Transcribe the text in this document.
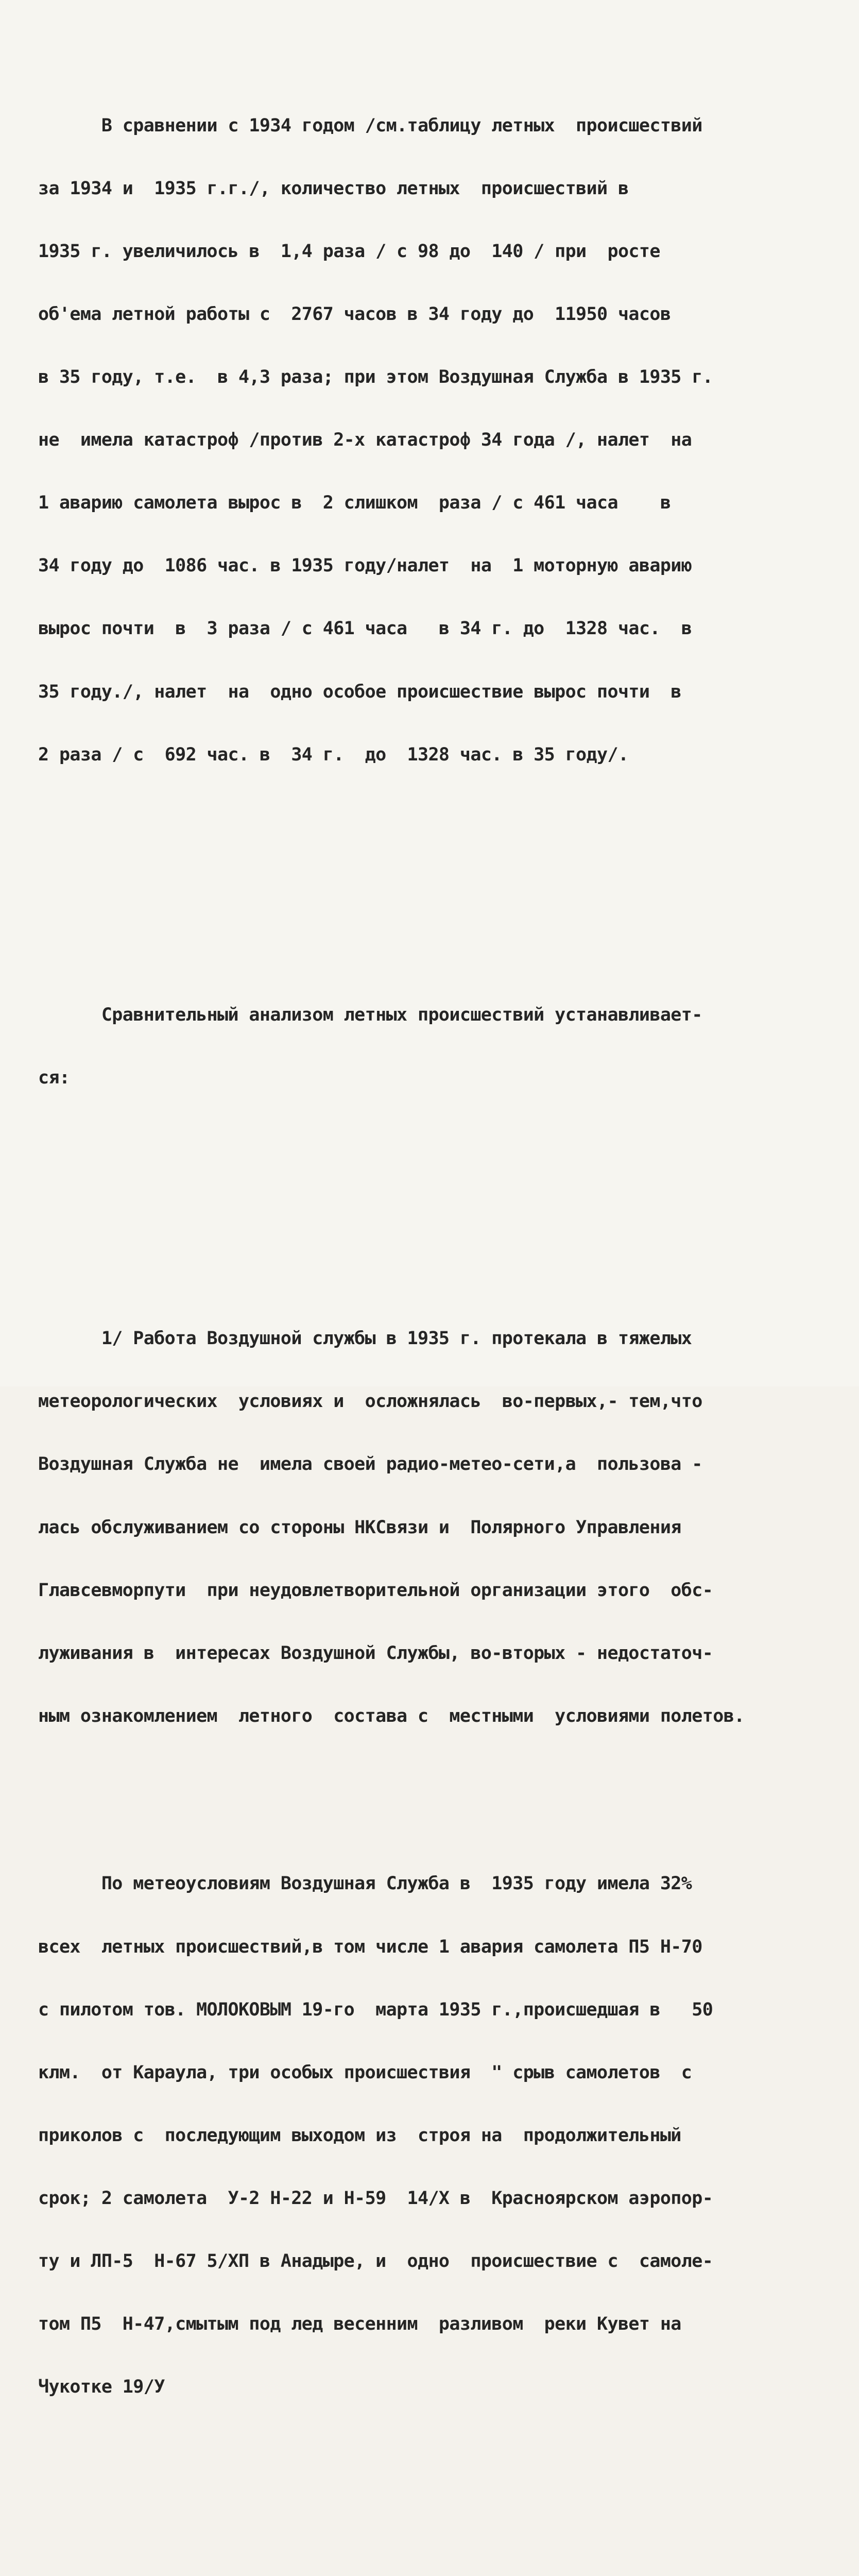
В сравнении с 1934 годом /см.таблицу летных  происшествий

за 1934 и  1935 г.г./, количество летных  происшествий в

1935 г. увеличилось в  1,4 раза / с 98 до  140 / при  росте

об'ема летной работы с  2767 часов в 34 году до  11950 часов

в 35 году, т.е.  в 4,3 раза; при этом Воздушная Служба в 1935 г.

не  имела катастроф /против 2-х катастроф 34 года /, налет  на

1 аварию самолета вырос в  2 слишком  раза / с 461 часа    в

34 году до  1086 час. в 1935 году/налет  на  1 моторную аварию

вырос почти  в  3 раза / с 461 часа   в 34 г. до  1328 час.  в

35 году./, налет  на  одно особое происшествие вырос почти  в

2 раза / с  692 час. в  34 г.  до  1328 час. в 35 году/.

Сравнительный анализом летных происшествий устанавливает-

ся:

1/ Работа Воздушной службы в 1935 г. протекала в тяжелых

метеорологических  условиях и  осложнялась  во-первых,- тем,что

Воздушная Служба не  имела своей радио-метео-сети,а  пользова -

лась обслуживанием со стороны НКСвязи и  Полярного Управления

Главсевморпути  при неудовлетворительной организации этого  обс-

луживания в  интересах Воздушной Службы, во-вторых - недостаточ-

ным ознакомлением  летного  состава с  местными  условиями полетов.

По метеоусловиям Воздушная Служба в  1935 году имела 32%

всех  летных происшествий,в том числе 1 авария самолета П5 Н-70

с пилотом тов. МОЛОКОВЫМ 19-го  марта 1935 г.,происшедшая в   50

клм.  от Караула, три особых происшествия  " срыв самолетов  с

приколов с  последующим выходом из  строя на  продолжительный

срок; 2 самолета  У-2 Н-22 и Н-59  14/Х в  Красноярском аэропор-

ту и ЛП-5  Н-67 5/ХП в Анадыре, и  одно  происшествие с  самоле-

том П5  Н-47,смытым под лед весенним  разливом  реки Кувет на

Чукотке 19/У
